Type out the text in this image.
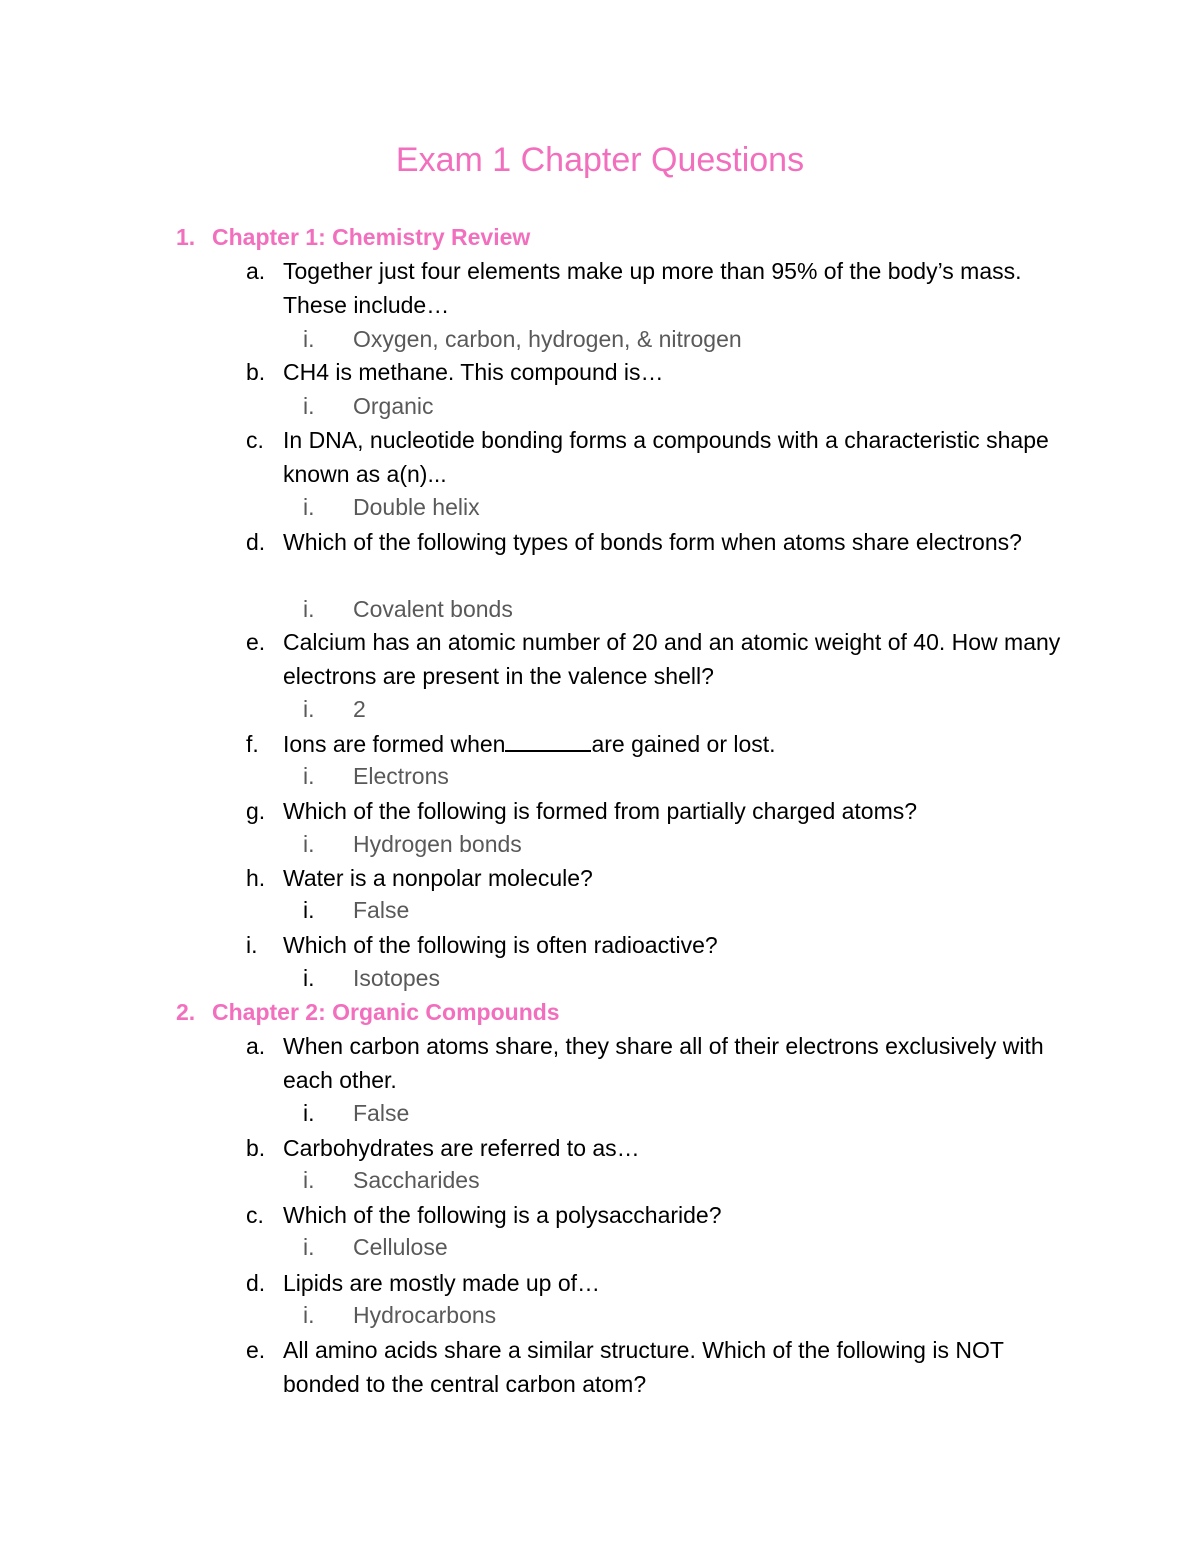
Exam 1 Chapter Questions
1. Chapter 1: Chemistry Review
a. Together just four elements make up more than 95% of the body’s mass. These include…
i. Oxygen, carbon, hydrogen, & nitrogen
b. CH4 is methane. This compound is…
i. Organic
c. In DNA, nucleotide bonding forms a compounds with a characteristic shape known as a(n)...
i. Double helix
d. Which of the following types of bonds form when atoms share electrons?
i. Covalent bonds
e. Calcium has an atomic number of 20 and an atomic weight of 40. How many electrons are present in the valence shell?
i. 2
f.	Ions are formed when	are gained or lost.
i. Electrons
g. Which of the following is formed from partially charged atoms?
i. Hydrogen bonds
h. Water is a nonpolar molecule?
i. False
i.	Which of the following is often radioactive?
i. Isotopes
2. Chapter 2: Organic Compounds
a. When carbon atoms share, they share all of their electrons exclusively with each other.
i. False
b. Carbohydrates are referred to as…
i. Saccharides
c. Which of the following is a polysaccharide?
i. Cellulose
d. Lipids are mostly made up of…
i. Hydrocarbons
e. All amino acids share a similar structure. Which of the following is NOT bonded to the central carbon atom?
